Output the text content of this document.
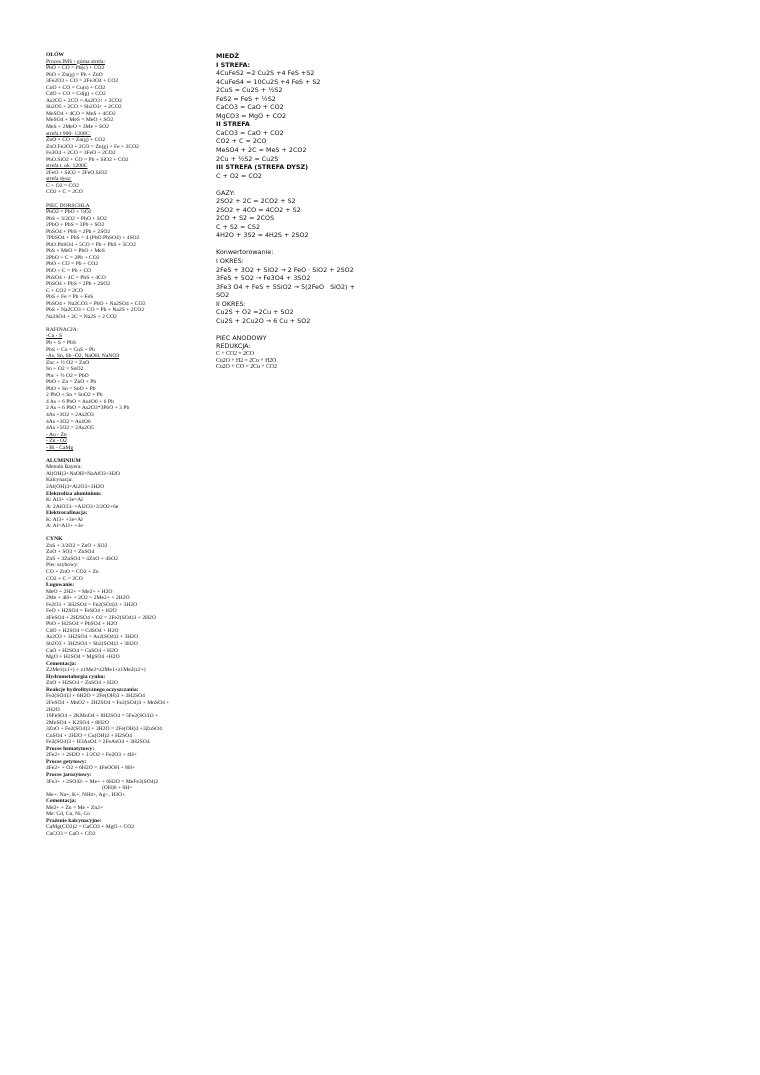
OŁÓW
Proces IMS - górna strefa:
PbO + CO = Pb(c) + CO2
PbO + Zn(g) = Pb + ZnO
3Fe2O3 + CO = 2Fe3O4 + CO2
CuO + CO = Cu(s) + CO2
CdO + CO = Cd(g) + CO2
As2O5 + 2CO = As2O3↑ + 2CO2
Sb2O5 + 2CO = Sb2O3↑ + 2CO2
MeSO4 + 4CO = MeS + 4CO2
MeSO4 + MeS = MeO + SO2
MeS + 2MeO = 3Me + SO2
strefa t 900- 1200C:
ZnO + CO = Zn(g) + CO2
ZnO.Fe2O3 + 2CO = Zn(g) + Fe + 2CO2
Fe3O4 + 2CO = 3FeO + 2CO2
PbO.SiO2 + CO = Pb + SiO2 + CO2
strefa t. ok. 1200C
2FeO + SiO2 = 2FeO.SiO2
strefa dysz:
C + O2 = CO2
CO2 + C = 2CO
PIEC DORSCHLA
PbO2 = PbO + ½O2
PbS + 3/2O2 = PbO + SO2
2PbO + PbS = 3Pb + SO2
PbSO4 + PbS = 2Pb + 2SO2
7PbSO4 + PbS = 4 (PbO.PbSO4) + 4SO2
PbO.PbSO4 + 5CO = Pb + PbS + 5CO2
PbS + MeO = PbO + MeS
2PbO + C = 2Pb + CO2
PbO + CO = Pb + CO2
PbO + C = Pb + CO
PbSO4 + 4C = PbS + 4CO
PbSO4 + PbS = 2Pb + 2SO2
C + CO2 = 2CO
PbS + Fe = Pb + FeS
PbSO4 + Na2CO3 = PbO + Na2SO4 + CO2
PbS + Na2CO3 + CO = Pb + Na2S + 2CO2
Na2SO4 + 2C = Na2S + 2 CO2
RAFINACJA:
-Cu - S
Pb + S = PbS
PbS + Cu = CuS + Pb
-As, Sn, Sb -O2, NaOH, NaNO3
Znc + ½ O2 = ZnO
Sn + O2 = SnO2
Pbc + ½ O2 = PbO
PbO + Zn = ZnO + Pb
PbO + Sn = SnO + Pb
2 PbO + Sn = SnO2 + Pb
4 As + 6 PbO = As4O6 + 6 Pb
2 As + 6 PbO = As2O3*3PbO + 3 Pb
4As +3O2 = 2As2O3
4As +3O2 = As4O6
4As +5O2 = 2As2O5
- Au - Zn
- Zn - O2
- Bi - CaMg
ALUMINIUM
Metoda Bayera:
Al(OH)3+NaOH=NaAlO2+H2O
Kalcynacja:
2Al(OH)3=Al2O3+3H2O
Elektroliza aluminium:
K: Al3+ +3e=Al
A: 2AlO33- =Al2O3+3/2O2+6e
Elektrorafinacja:
K: Al3+ +3e=Al
A: Al=Al3+ +3e
CYNK
ZnS + 3/2O2 = ZnO + SO2
ZnO + SO3 = ZnSO4
ZnS + 3ZnSO4 = 4ZnO + 4SO2
Piec szybowy:
CO + ZnO = CO2 + Zn
CO2 + C = 2CO
Ługowanie:
MeO + 2H2+ = Me2+ + H2O
2Me + 4H+ + 2O2 = 2Me2+ + 2H2O
Fe2O3 + 3H2SO4 = Fe2(SO4)3 + 3H2O
FeO + H2SO4 = FeSO4 + H2O
4FeSO4 + 2H2SO4 + O2 = 2Fe2(SO4)3 + 2H2O
PbO + H2SO4 = PbSO4 + H2O
CdO + H2SO4 = CdSO4 + H2O
As2O3 + 3H2SO4 = As2(SO4)3 + 3H2O
Sb2O3 + 3H2SO4 = Sb2(SO4)3 + 3H2O
CaO + H2SO4 = CaSO4 + H2O
MgO + H2SO4 = MgSO4 +H2O
Cementacja:
Z2Me1(z1+) + z1Me2=z2Me1+z1Me2(z2+)
Hydrometalurgia cynku:
ZnO + H2SO4 = ZnSO4 + H2O
Reakcje hydrolitycznego oczyszczania:
Fe2(SO4)3 + 6H2O = 2Fe(OH)3 + 3H2SO4
2FeSO4 + MnO2 + 2H2SO4 = Fe2(SO4)3 + MnSO4 +
2H2O
10FeSO4 + 2KMnO4 + 8H2SO4 = 5Fe2(SO4)3 +
2MnSO4 + K2SO4 + 8H2O
3ZnO + Fe2(SO4)3 + 3H2O = 2Fe(OH)3 +3ZnSO4
CuSO4 + 2H2O = Cu(OH)2 + H2SO4
Fe2(SO4)3 + H3AsO4 = 2FeAsO4 + 3H2SO4
Proces hematytowy:
2Fe2+ + 2H2O + 1/2O2 = Fe2O3 + 4H+
Proces getytowy:
4Fe2+ + O2 + 6H2O = 4FeOOH + 8H+
Proces jarozytowy:
3Fe3+ + 2SO42- + Me+ + 6H2O = MeFe3(SO4)2
(OH)6 + 6H+
Me+: Na+, K+, NH4+, Ag+, H3O+
Cementacja:
Me2+ + Zn = Me + Zn2+
Me: Cd, Cu, Ni, Co
Prażenie kalcynacyjne:
CaMg(CO3)2 = CaCO3 + MgO + CO2
CaCO3 = CaO + CO2
MIEDŹ
I STREFA:
4CuFeS2 =2 Cu2S +4 FeS +S2
4CuFeS4 = 10Cu2S +4 FeS + S2
2CuS = Cu2S + ½S2
FeS2 = FeS + ½S2
CaCO3 = CaO + CO2
MgCO3 = MgO + CO2
II STREFA
CaCO3 = CaO + CO2
CO2 + C = 2CO
MeSO4 + 2C = MeS + 2CO2
2Cu + ½S2 = Cu2S
III STREFA (STREFA DYSZ)
C + O2 = CO2
GAZY:
2SO2 + 2C = 2CO2 + S2
2SO2 + 4CO = 4CO2 + S2
2CO + S2 = 2COS
C + S2 = CS2
4H2O + 3S2 = 4H2S + 2SO2
Konwertorowanie:
I OKRES:
2FeS + 3O2 + SiO2 → 2 FeO · SiO2 + 2SO2
3FeS + 5O2 → Fe3O4 + 3SO2
3Fe3 O4 + FeS + 5SiO2 → 5(2FeO   SiO2) +
SO2
II OKRES:
Cu2S + O2 =2Cu + SO2
Cu2S + 2Cu2O → 6 Cu + SO2
PIEC ANODOWY
REDUKCJA:
C + CO2 = 2CO
Cu2O + H2 = 2Cu + H2O
Cu2O + CO = 2Cu + CO2
